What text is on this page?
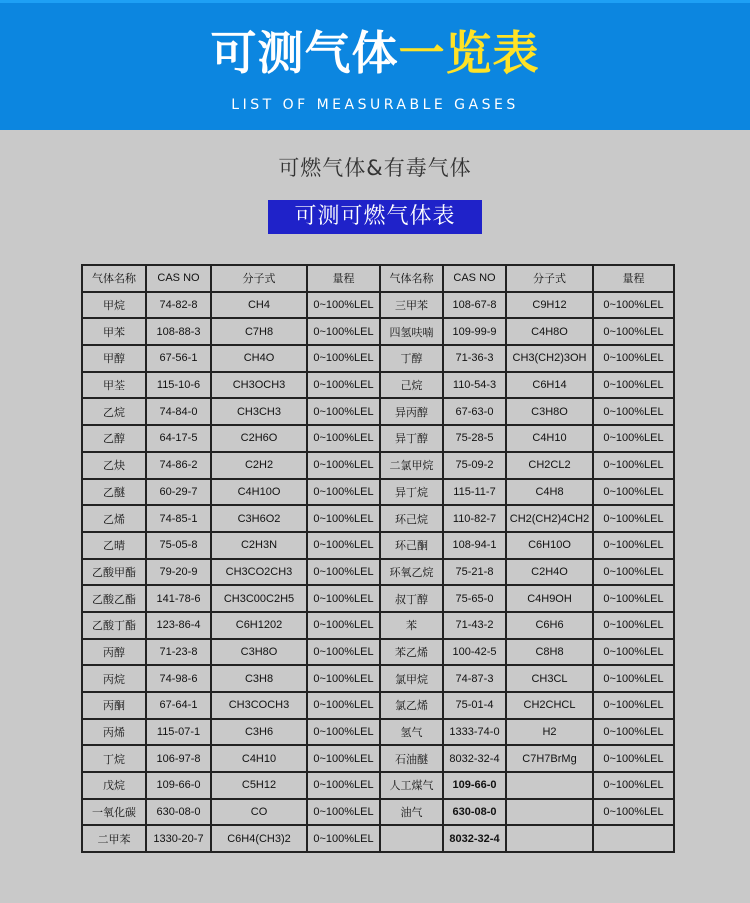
可测气体一览表
LIST OF MEASURABLE GASES
可燃气体&有毒气体
可测可燃气体表
气体名称	CAS NO	分子式	量程	气体名称	CAS NO	分子式	量程
甲烷	74-82-8	CH4	0~100%LEL	三甲苯	108-67-8	C9H12	0~100%LEL
甲苯	108-88-3	C7H8	0~100%LEL	四氢呋喃	109-99-9	C4H8O	0~100%LEL
甲醇	67-56-1	CH4O	0~100%LEL	丁醇	71-36-3	CH3(CH2)3OH	0~100%LEL
甲荃	115-10-6	CH3OCH3	0~100%LEL	己烷	110-54-3	C6H14	0~100%LEL
乙烷	74-84-0	CH3CH3	0~100%LEL	异丙醇	67-63-0	C3H8O	0~100%LEL
乙醇	64-17-5	C2H6O	0~100%LEL	异丁醇	75-28-5	C4H10	0~100%LEL
乙炔	74-86-2	C2H2	0~100%LEL	二氯甲烷	75-09-2	CH2CL2	0~100%LEL
乙醚	60-29-7	C4H10O	0~100%LEL	异丁烷	115-11-7	C4H8	0~100%LEL
乙烯	74-85-1	C3H6O2	0~100%LEL	环己烷	110-82-7	CH2(CH2)4CH2	0~100%LEL
乙晴	75-05-8	C2H3N	0~100%LEL	环己酮	108-94-1	C6H10O	0~100%LEL
乙酸甲酯	79-20-9	CH3CO2CH3	0~100%LEL	环氧乙烷	75-21-8	C2H4O	0~100%LEL
乙酸乙酯	141-78-6	CH3C00C2H5	0~100%LEL	叔丁醇	75-65-0	C4H9OH	0~100%LEL
乙酸丁酯	123-86-4	C6H1202	0~100%LEL	苯	71-43-2	C6H6	0~100%LEL
丙醇	71-23-8	C3H8O	0~100%LEL	苯乙烯	100-42-5	C8H8	0~100%LEL
丙烷	74-98-6	C3H8	0~100%LEL	氯甲烷	74-87-3	CH3CL	0~100%LEL
丙酮	67-64-1	CH3COCH3	0~100%LEL	氯乙烯	75-01-4	CH2CHCL	0~100%LEL
丙烯	115-07-1	C3H6	0~100%LEL	氢气	1333-74-0	H2	0~100%LEL
丁烷	106-97-8	C4H10	0~100%LEL	石油醚	8032-32-4	C7H7BrMg	0~100%LEL
戊烷	109-66-0	C5H12	0~100%LEL	人工煤气	109-66-0		0~100%LEL
一氧化碳	630-08-0	CO	0~100%LEL	油气	630-08-0		0~100%LEL
二甲苯	1330-20-7	C6H4(CH3)2	0~100%LEL		8032-32-4		
